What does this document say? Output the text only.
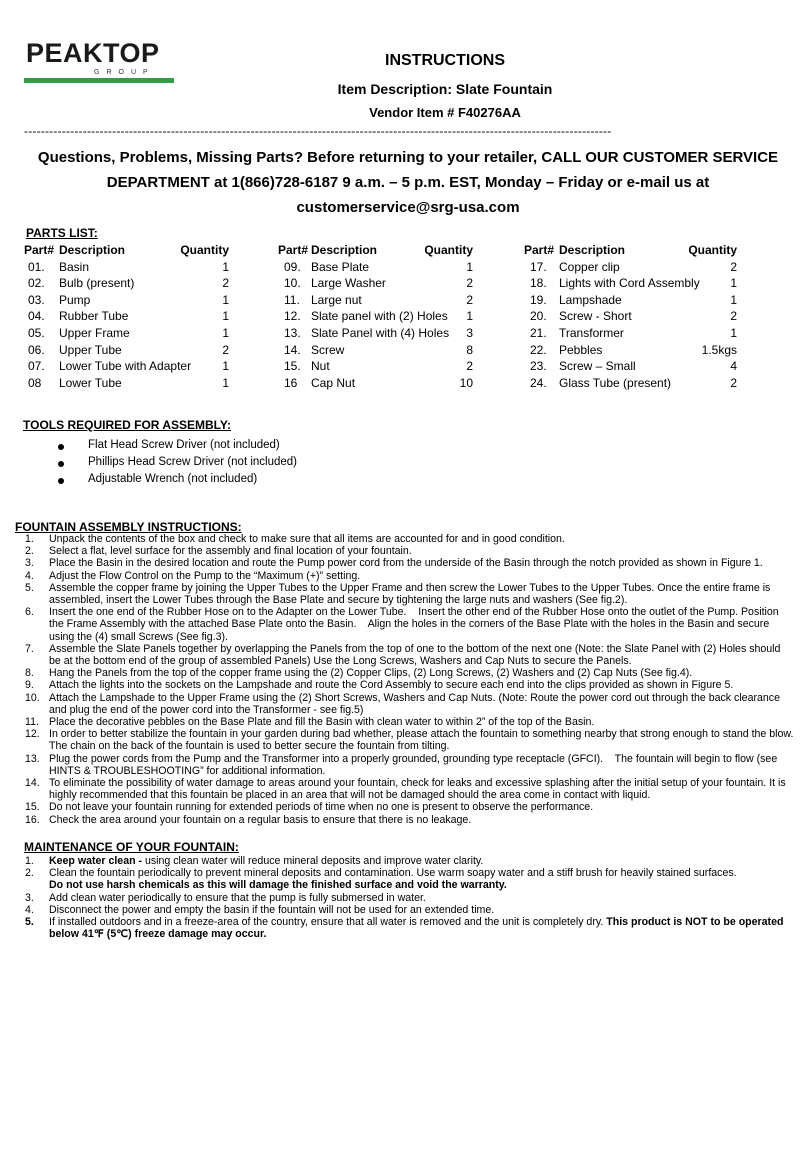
PEAKTOP
GROUP
INSTRUCTIONS
Item Description: Slate Fountain
Vendor Item # F40276AA
--------------------------------------------------------------------------------------------------------------------------------------------
Questions, Problems, Missing Parts? Before returning to your retailer, CALL OUR CUSTOMER SERVICE
DEPARTMENT at 1(866)728-6187 9 a.m. – 5 p.m. EST, Monday – Friday or e-mail us at
customerservice@srg-usa.com
PARTS LIST:
Part# Description	Quantity
01. Basin	1
02. Bulb (present)	2
03. Pump	1
04. Rubber Tube	1
05. Upper Frame	1
06. Upper Tube	2
07. Lower Tube with Adapter	1
08 Lower Tube	1
Part# Description	Quantity
09. Base Plate	1
10. Large Washer	2
11. Large nut	2
12. Slate panel with (2) Holes 1
13. Slate Panel with (4) Holes 3
14. Screw	8
15. Nut	2
16 Cap Nut	10
Part# Description	Quantity
17. Copper clip	2
18. Lights with Cord Assembly	1
19. Lampshade	1
20. Screw - Short	2
21. Transformer	1
22. Pebbles	1.5kgs
23. Screw – Small	4
24. Glass Tube (present)	2
TOOLS REQUIRED FOR ASSEMBLY:
Flat Head Screw Driver (not included)
Phillips Head Screw Driver (not included)
Adjustable Wrench (not included)
FOUNTAIN ASSEMBLY INSTRUCTIONS:
1. Unpack the contents of the box and check to make sure that all items are accounted for and in good condition.
2. Select a flat, level surface for the assembly and final location of your fountain.
3. Place the Basin in the desired location and route the Pump power cord from the underside of the Basin through the notch provided as shown in Figure 1.
4. Adjust the Flow Control on the Pump to the “Maximum (+)” setting.
5. Assemble the copper frame by joining the Upper Tubes to the Upper Frame and then screw the Lower Tubes to the Upper Tubes. Once the entire frame is assembled, insert the Lower Tubes through the Base Plate and secure by tightening the large nuts and washers (See fig.2).
6. Insert the one end of the Rubber Hose on to the Adapter on the Lower Tube.    Insert the other end of the Rubber Hose onto the outlet of the Pump. Position the Frame Assembly with the attached Base Plate onto the Basin.    Align the holes in the corners of the Base Plate with the holes in the Basin and secure using the (4) small Screws (See fig.3).
7. Assemble the Slate Panels together by overlapping the Panels from the top of one to the bottom of the next one (Note: the Slate Panel with (2) Holes should be at the bottom end of the group of assembled Panels) Use the Long Screws, Washers and Cap Nuts to secure the Panels.
8. Hang the Panels from the top of the copper frame using the (2) Copper Clips, (2) Long Screws, (2) Washers and (2) Cap Nuts (See fig.4).
9. Attach the lights into the sockets on the Lampshade and route the Cord Assembly to secure each end into the clips provided as shown in Figure 5.
10. Attach the Lampshade to the Upper Frame using the (2) Short Screws, Washers and Cap Nuts. (Note: Route the power cord out through the back clearance and plug the end of the power cord into the Transformer - see fig.5)
11. Place the decorative pebbles on the Base Plate and fill the Basin with clean water to within 2” of the top of the Basin.
12. In order to better stabilize the fountain in your garden during bad whether, please attach the fountain to something nearby that strong enough to stand the blow. The chain on the back of the fountain is used to better secure the fountain from tilting.
13. Plug the power cords from the Pump and the Transformer into a properly grounded, grounding type receptacle (GFCI).    The fountain will begin to flow (see HINTS & TROUBLESHOOTING” for additional information.
14. To eliminate the possibility of water damage to areas around your fountain, check for leaks and excessive splashing after the initial setup of your fountain. It is highly recommended that this fountain be placed in an area that will not be damaged should the area come in contact with liquid.
15. Do not leave your fountain running for extended periods of time when no one is present to observe the performance.
16. Check the area around your fountain on a regular basis to ensure that there is no leakage.
MAINTENANCE OF YOUR FOUNTAIN:
1. Keep water clean - using clean water will reduce mineral deposits and improve water clarity.
2. Clean the fountain periodically to prevent mineral deposits and contamination. Use warm soapy water and a stiff brush for heavily stained surfaces.
Do not use harsh chemicals as this will damage the finished surface and void the warranty.
3. Add clean water periodically to ensure that the pump is fully submersed in water.
4. Disconnect the power and empty the basin if the fountain will not be used for an extended time.
5. If installed outdoors and in a freeze-area of the country, ensure that all water is removed and the unit is completely dry. This product is NOT to be operated below 41℉ (5℃) freeze damage may occur.
